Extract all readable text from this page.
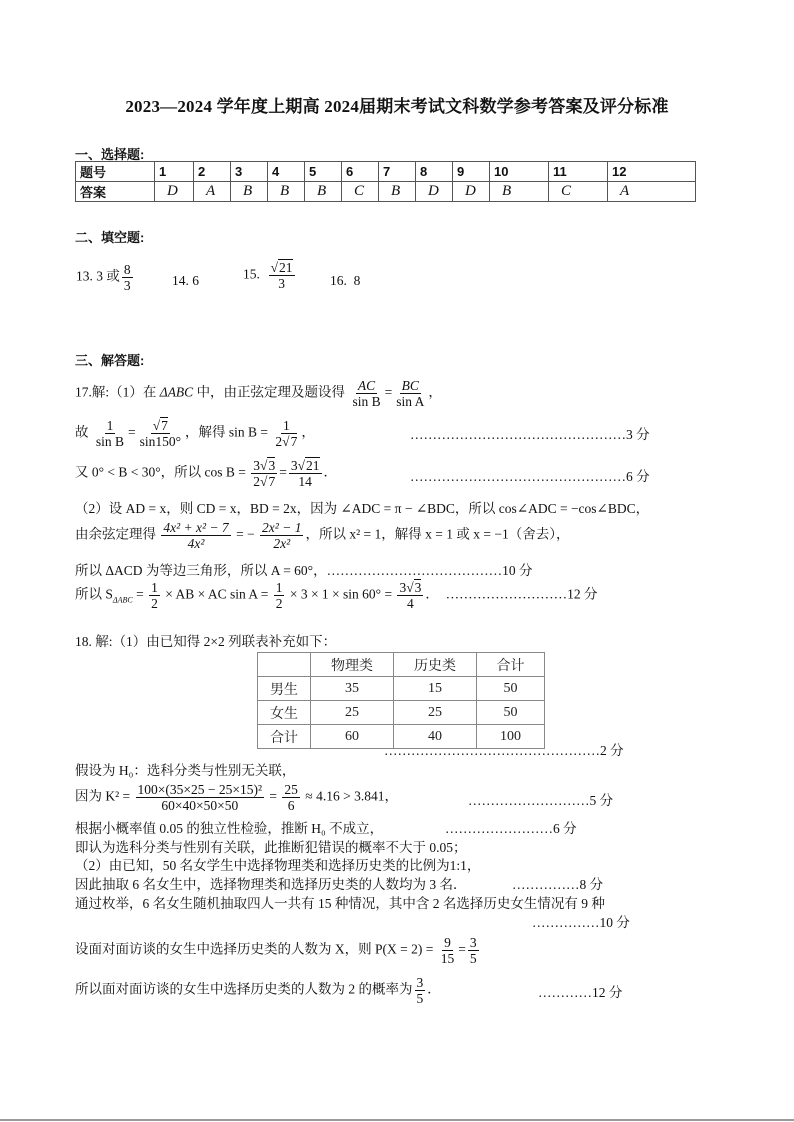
2023—2024 学年度上期高 2024届期末考试文科数学参考答案及评分标准
一、选择题:
题号	1	2	3	4	5	6	7	8	9	10	11	12
答案	D	A	B	B	B	C	B	D	D	B	C	A
二、填空题:
13. 3 或 $\frac{8}{3}$	14. 6	15. $\frac{√21}{3}$	16. 8
三、解答题:
17.解:（1）在 ΔABC 中，由正弦定理及题设得 $\frac{AC}{\text{sin B}} = \frac{BC}{\text{sin A}}$ ，
故 $\frac{1}{\text{sin B}} = \frac{√7}{\sin 150^\circ}$ ，解得 $\sin B = \frac{1}{2√7}$ ，	…………………………………………3 分
又 0° < B < 30°，所以 $\cos B = \frac{3√3}{2√7} = \frac{3√21}{14}$ ．	…………………………………………6 分
（2）设 AD = x，则 CD = x，BD = 2x，因为 ∠ADC = π − ∠BDC，所以 cos∠ADC = −cos∠BDC，
由余弦定理得 $\frac{\text{4x² + x² − 7}}{\text{4x²}}$ = − $\frac{\text{2x² − 1}}{\text{2x²}}$ ，所以 x² = 1，解得 x = 1 或 x = −1（舍去），
所以 ΔACD 为等边三角形，所以 A = 60°，…………………………………10 分
所以 $S_{\Delta ABC} = \frac{1}{2}$ × AB × AC $\sin A = \frac{1}{2} \times 3 \times 1 \times \sin 60^\circ = \frac{3√3}{4}$ ． ………………………12 分
18. 解:（1）由已知得 2×2 列联表补充如下：
	物理类	历史类	合计
男生	35	15	50
女生	25	25	50
合计	60	40	100
…………………………………………2 分
假设为 H₀：选科分类与性别无关联，
因为 $K^2 = \frac{\text{100×(35×25 − 25×15)²}}{60\times 40\times 50\times 50} = \frac{25}{6} \approx 4.16 > 3.841$，	………………………5 分
根据小概率值 0.05 的独立性检验，推断 H₀ 不成立，	……………………6 分
即认为选科分类与性别有关联，此推断犯错误的概率不大于 0.05；
（2）由已知，50 名女学生中选择物理类和选择历史类的比例为1:1，
因此抽取 6 名女生中，选择物理类和选择历史类的人数均为 3 名．	……………8 分
通过枚举，6 名女生随机抽取四人一共有 15 种情况，其中含 2 名选择历史女生情况有 9 种
……………10 分
设面对面访谈的女生中选择历史类的人数为 X，则 $P(X = 2) = \frac{9}{15} = \frac{3}{5}$
所以面对面访谈的女生中选择历史类的人数为 2 的概率为 $\frac{3}{5}$ ．	…………12 分
